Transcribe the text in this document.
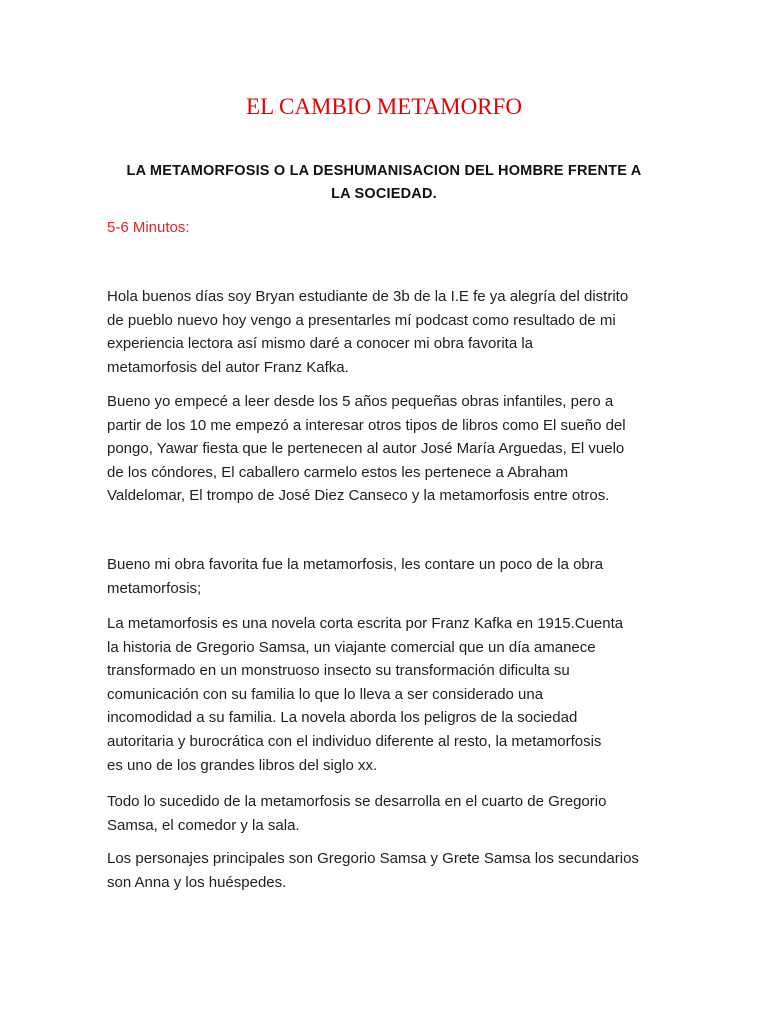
EL CAMBIO METAMORFO
LA METAMORFOSIS O LA DESHUMANISACION DEL HOMBRE FRENTE A
LA SOCIEDAD.
5-6 Minutos:
Hola buenos días soy Bryan estudiante de 3b de la I.E fe ya alegría del distrito
de pueblo nuevo hoy vengo a presentarles mí podcast como resultado de mi
experiencia lectora así mismo daré a conocer mi obra favorita la
metamorfosis del autor Franz Kafka.
Bueno yo empecé a leer desde los 5 años pequeñas obras infantiles, pero a
partir de los 10 me empezó a interesar otros tipos de libros como El sueño del
pongo, Yawar fiesta que le pertenecen al autor José María Arguedas, El vuelo
de los cóndores, El caballero carmelo estos les pertenece a Abraham
Valdelomar, El trompo de José Diez Canseco y la metamorfosis entre otros.
Bueno mi obra favorita fue la metamorfosis, les contare un poco de la obra
metamorfosis;
La metamorfosis es una novela corta escrita por Franz Kafka en 1915.Cuenta
la historia de Gregorio Samsa, un viajante comercial que un día amanece
transformado en un monstruoso insecto su transformación dificulta su
comunicación con su familia lo que lo lleva a ser considerado una
incomodidad a su familia. La novela aborda los peligros de la sociedad
autoritaria y burocrática con el individuo diferente al resto, la metamorfosis
es uno de los grandes libros del siglo xx.
Todo lo sucedido de la metamorfosis se desarrolla en el cuarto de Gregorio
Samsa, el comedor y la sala.
Los personajes principales son Gregorio Samsa y Grete Samsa los secundarios
son Anna y los huéspedes.
